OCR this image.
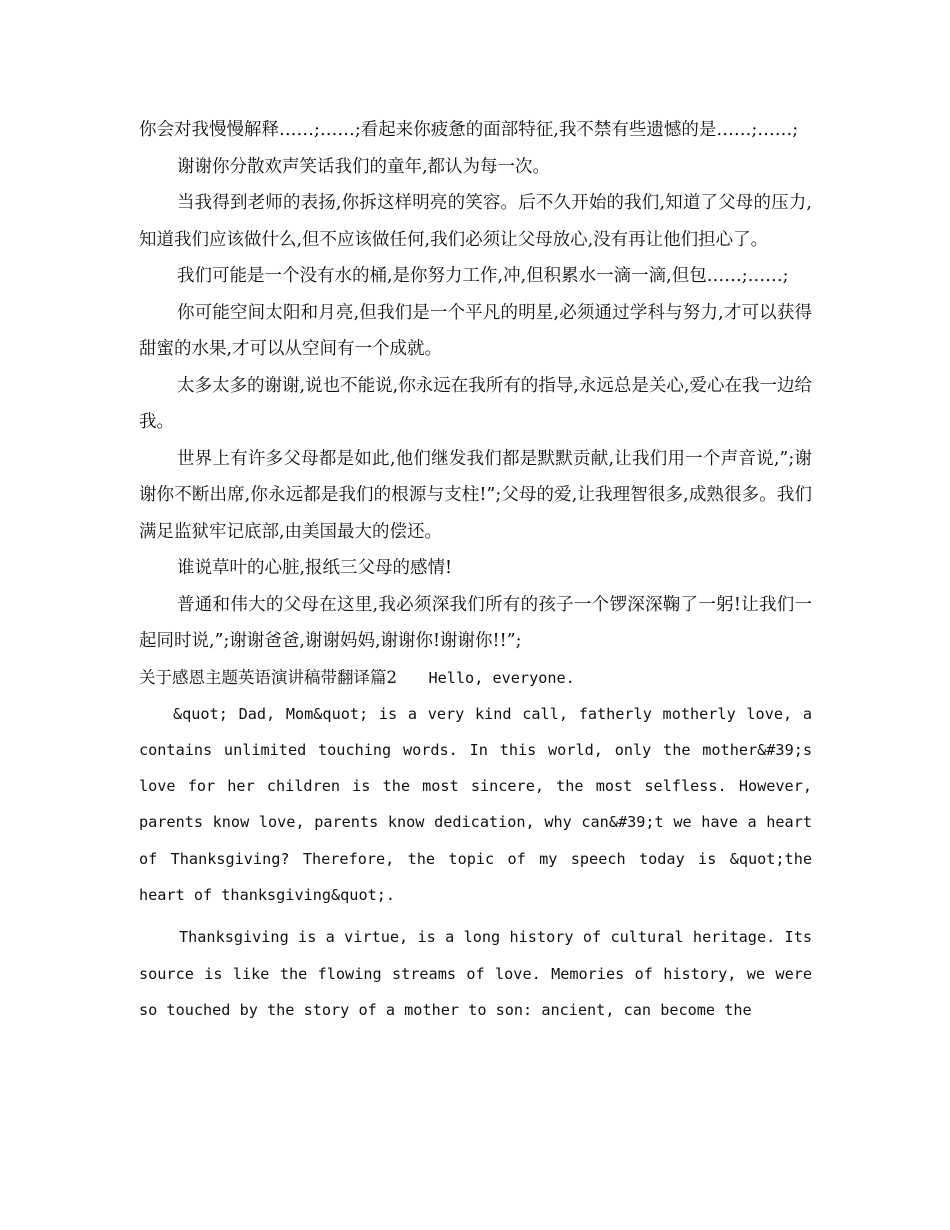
你会对我慢慢解释……;……;看起来你疲惫的面部特征,我不禁有些遗憾的是……;……;

谢谢你分散欢声笑话我们的童年,都认为每一次。

当我得到老师的表扬,你拆这样明亮的笑容。后不久开始的我们,知道了父母的压力,知道我们应该做什么,但不应该做任何,我们必须让父母放心,没有再让他们担心了。

我们可能是一个没有水的桶,是你努力工作,冲,但积累水一滴一滴,但包……;……;

你可能空间太阳和月亮,但我们是一个平凡的明星,必须通过学科与努力,才可以获得甜蜜的水果,才可以从空间有一个成就。

太多太多的谢谢,说也不能说,你永远在我所有的指导,永远总是关心,爱心在我一边给我。

世界上有许多父母都是如此,他们继发我们都是默默贡献,让我们用一个声音说,”;谢谢你不断出席,你永远都是我们的根源与支柱!”;父母的爱,让我理智很多,成熟很多。我们满足监狱牢记底部,由美国最大的偿还。

谁说草叶的心脏,报纸三父母的感情!

普通和伟大的父母在这里,我必须深我们所有的孩子一个锣深深鞠了一躬!让我们一起同时说,”;谢谢爸爸,谢谢妈妈,谢谢你!谢谢你!!”;

关于感恩主题英语演讲稿带翻译篇2 Hello, everyone.

&quot; Dad, Mom&quot; is a very kind call, fatherly motherly love, a contains unlimited touching words. In this world, only the mother&#39;s love for her children is the most sincere, the most selfless. However, parents know love, parents know dedication, why can&#39;t we have a heart of Thanksgiving? Therefore, the topic of my speech today is &quot;the heart of thanksgiving&quot;.

Thanksgiving is a virtue, is a long history of cultural heritage. Its source is like the flowing streams of love. Memories of history, we were so touched by the story of a mother to son: ancient, can become the
